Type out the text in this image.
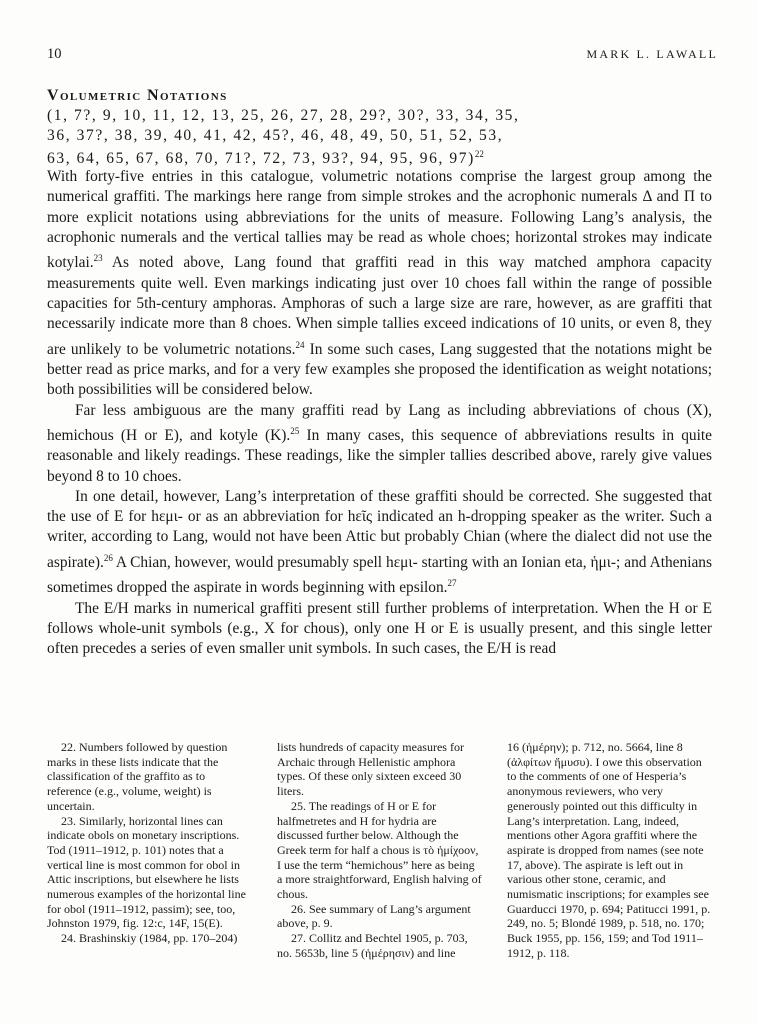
10	MARK L. LAWALL
Volumetric Notations

(1, 7?, 9, 10, 11, 12, 13, 25, 26, 27, 28, 29?, 30?, 33, 34, 35,

36, 37?, 38, 39, 40, 41, 42, 45?, 46, 48, 49, 50, 51, 52, 53,

63, 64, 65, 67, 68, 70, 71?, 72, 73, 93?, 94, 95, 96, 97)$^{22}$

With forty-five entries in this catalogue, volumetric notations comprise the largest group among the numerical graffiti. The markings here range from simple strokes and the acrophonic numerals Δ and Π to more explicit notations using abbreviations for the units of measure. Following Lang’s analysis, the acrophonic numerals and the vertical tallies may be read as whole choes; horizontal strokes may indicate kotylai.$^{23}$ As noted above, Lang found that graffiti read in this way matched amphora capacity measurements quite well. Even markings indicating just over 10 choes fall within the range of possible capacities for 5th-century amphoras. Amphoras of such a large size are rare, however, as are graffiti that necessarily indicate more than 8 choes. When simple tallies exceed indications of 10 units, or even 8, they are unlikely to be volumetric notations.$^{24}$ In some such cases, Lang suggested that the notations might be better read as price marks, and for a very few examples she proposed the identification as weight notations; both possibilities will be considered below.

Far less ambiguous are the many graffiti read by Lang as including abbreviations of chous (X), hemichous (H or E), and kotyle (K).$^{25}$ In many cases, this sequence of abbreviations results in quite reasonable and likely readings. These readings, like the simpler tallies described above, rarely give values beyond 8 to 10 choes.

In one detail, however, Lang’s interpretation of these graffiti should be corrected. She suggested that the use of E for hεμι- or as an abbreviation for hεῖς indicated an h-dropping speaker as the writer. Such a writer, according to Lang, would not have been Attic but probably Chian (where the dialect did not use the aspirate).$^{26}$ A Chian, however, would presumably spell hεμι- starting with an Ionian eta, ἡμι-; and Athenians sometimes dropped the aspirate in words beginning with epsilon.$^{27}$

The E/H marks in numerical graffiti present still further problems of interpretation. When the H or E follows whole-unit symbols (e.g., X for chous), only one H or E is usually present, and this single letter often precedes a series of even smaller unit symbols. In such cases, the E/H is read

22. Numbers followed by question marks in these lists indicate that the classification of the graffito as to reference (e.g., volume, weight) is uncertain.

23. Similarly, horizontal lines can indicate obols on monetary inscriptions. Tod (1911–1912, p. 101) notes that a vertical line is most common for obol in Attic inscriptions, but elsewhere he lists numerous examples of the horizontal line for obol (1911–1912, passim); see, too, Johnston 1979, fig. 12:c, 14F, 15(E).

24. Brashinskiy (1984, pp. 170–204)

lists hundreds of capacity measures for Archaic through Hellenistic amphora types. Of these only sixteen exceed 30 liters.

25. The readings of H or E for halfmetretes and H for hydria are discussed further below. Although the Greek term for half a chous is τὸ ἡμίχοον, I use the term “hemichous” here as being a more straightforward, English halving of chous.

26. See summary of Lang’s argument above, p. 9.

27. Collitz and Bechtel 1905, p. 703, no. 5653b, line 5 (ἡμέρησιν) and line

16 (ἡμέρην); p. 712, no. 5664, line 8 (ἀλφίτων ἥμυσυ). I owe this observation to the comments of one of Hesperia’s anonymous reviewers, who very generously pointed out this difficulty in Lang’s interpretation. Lang, indeed, mentions other Agora graffiti where the aspirate is dropped from names (see note 17, above). The aspirate is left out in various other stone, ceramic, and numismatic inscriptions; for examples see Guarducci 1970, p. 694; Patitucci 1991, p. 249, no. 5; Blondé 1989, p. 518, no. 170; Buck 1955, pp. 156, 159; and Tod 1911–1912, p. 118.
